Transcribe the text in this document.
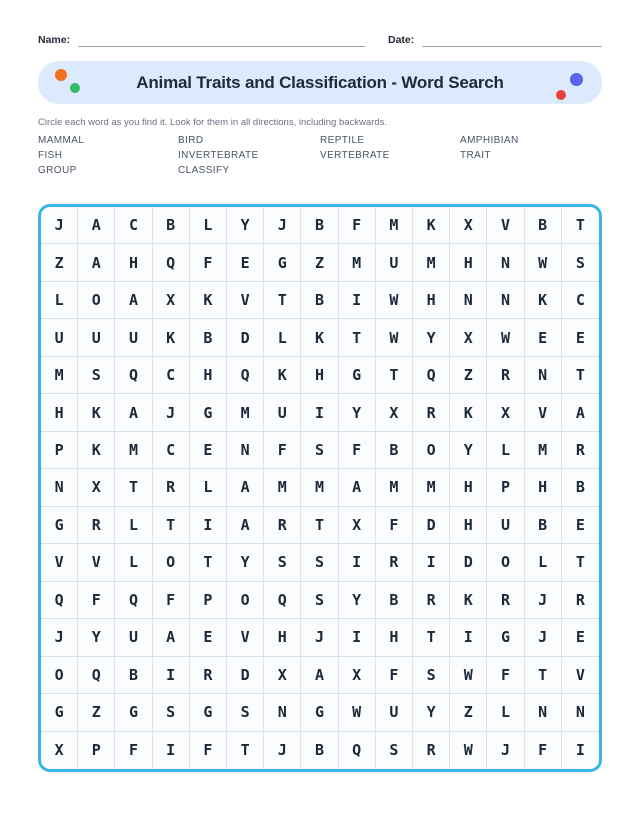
Name:	Date:
Animal Traits and Classification - Word Search

Circle each word as you find it. Look for them in all directions, including backwards.

MAMMAL
FISH
GROUP
BIRD
INVERTEBRATE
CLASSIFY
REPTILE
VERTEBRATE
AMPHIBIAN
TRAIT
J	A	C	B	L	Y	J	B	F	M	K	X	V	B	T
Z	A	H	Q	F	E	G	Z	M	U	M	H	N	W	S
L	O	A	X	K	V	T	B	I	W	H	N	N	K	C
U	U	U	K	B	D	L	K	T	W	Y	X	W	E	E
M	S	Q	C	H	Q	K	H	G	T	Q	Z	R	N	T
H	K	A	J	G	M	U	I	Y	X	R	K	X	V	A
P	K	M	C	E	N	F	S	F	B	O	Y	L	M	R
N	X	T	R	L	A	M	M	A	M	M	H	P	H	B
G	R	L	T	I	A	R	T	X	F	D	H	U	B	E
V	V	L	O	T	Y	S	S	I	R	I	D	O	L	T
Q	F	Q	F	P	O	Q	S	Y	B	R	K	R	J	R
J	Y	U	A	E	V	H	J	I	H	T	I	G	J	E
O	Q	B	I	R	D	X	A	X	F	S	W	F	T	V
G	Z	G	S	G	S	N	G	W	U	Y	Z	L	N	N
X	P	F	I	F	T	J	B	Q	S	R	W	J	F	I
